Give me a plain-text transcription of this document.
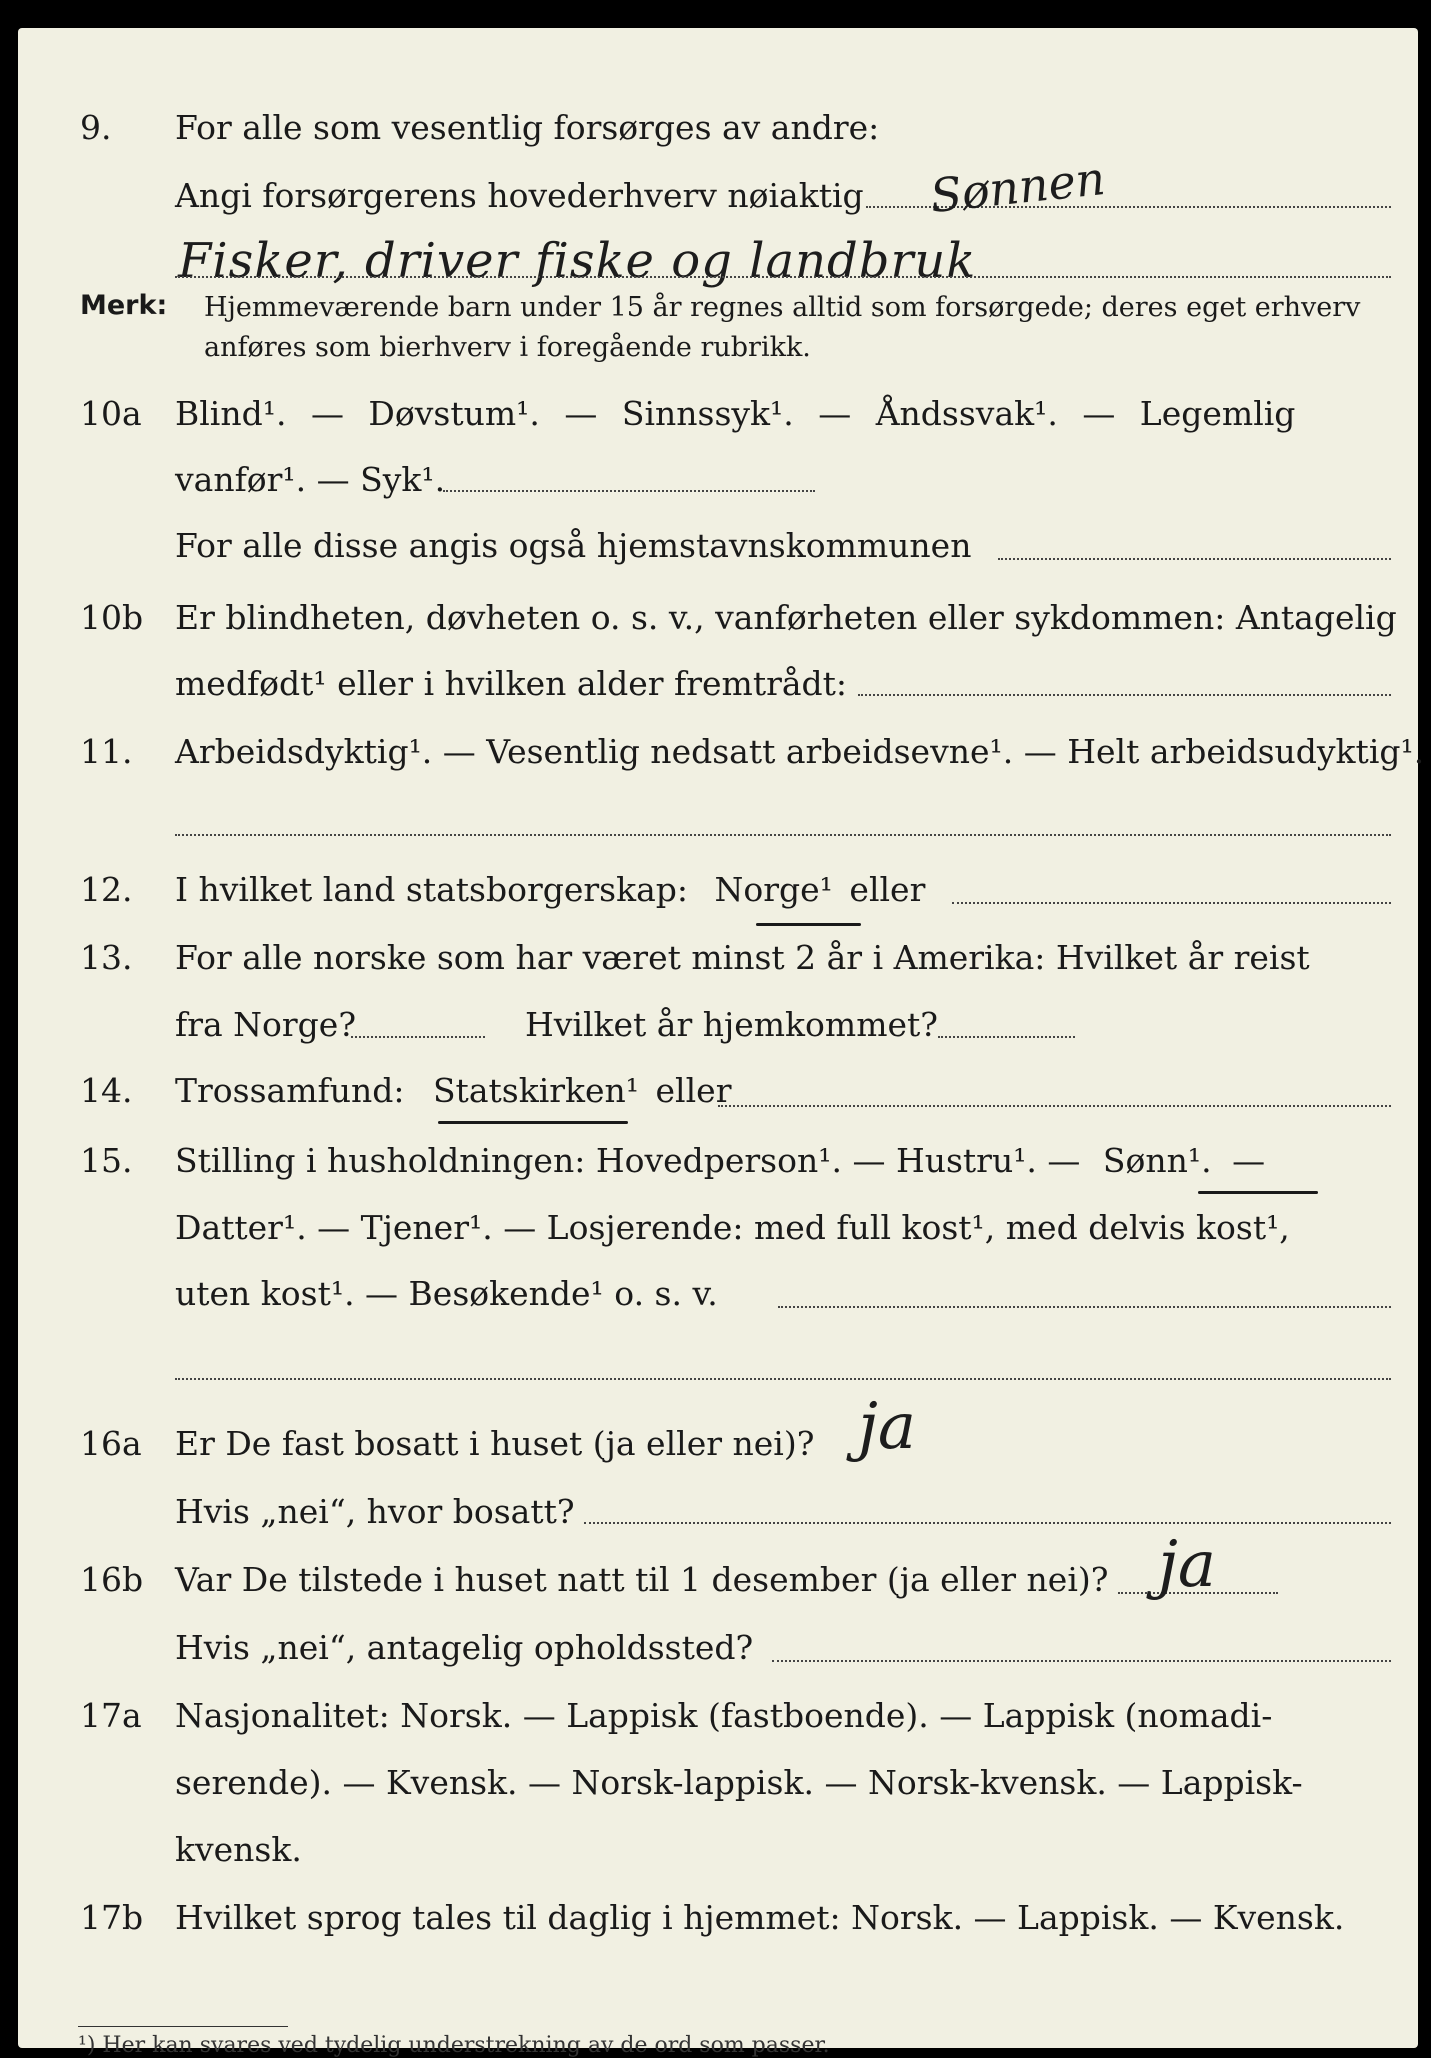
9. For alle som vesentlig forsørges av andre:
Angi forsørgerens hovederhverv nøiaktig Sønnen
Fisker, driver fiske og landbruk
Merk: Hjemmeværende barn under 15 år regnes alltid som forsørgede; deres eget erhverv
anføres som bierhverv i foregående rubrikk.
10a Blind¹. — Døvstum¹. — Sinnssyk¹. — Åndssvak¹. — Legemlig
vanfør¹. — Syk¹.
For alle disse angis også hjemstavnskommunen
10b Er blindheten, døvheten o. s. v., vanførheten eller sykdommen: Antagelig
medfødt¹ eller i hvilken alder fremtrådt:
11. Arbeidsdyktig¹. — Vesentlig nedsatt arbeidsevne¹. — Helt arbeidsudyktig¹.
12. I hvilket land statsborgerskap: Norge¹ eller
13. For alle norske som har været minst 2 år i Amerika: Hvilket år reist
fra Norge?	Hvilket år hjemkommet?
14. Trossamfund: Statskirken¹ eller
15. Stilling i husholdningen: Hovedperson¹. — Hustru¹. — Sønn¹. —
Datter¹. — Tjener¹. — Losjerende: med full kost¹, med delvis kost¹,
uten kost¹. — Besøkende¹ o. s. v.
16a Er De fast bosatt i huset (ja eller nei)? ja
Hvis „nei“, hvor bosatt?
16b Var De tilstede i huset natt til 1 desember (ja eller nei)? ja
Hvis „nei“, antagelig opholdssted?
17a Nasjonalitet: Norsk. — Lappisk (fastboende). — Lappisk (nomadi-
serende). — Kvensk. — Norsk-lappisk. — Norsk-kvensk. — Lappisk-
kvensk.
17b Hvilket sprog tales til daglig i hjemmet: Norsk. — Lappisk. — Kvensk.
¹) Her kan svares ved tydelig understrekning av de ord som passer.
